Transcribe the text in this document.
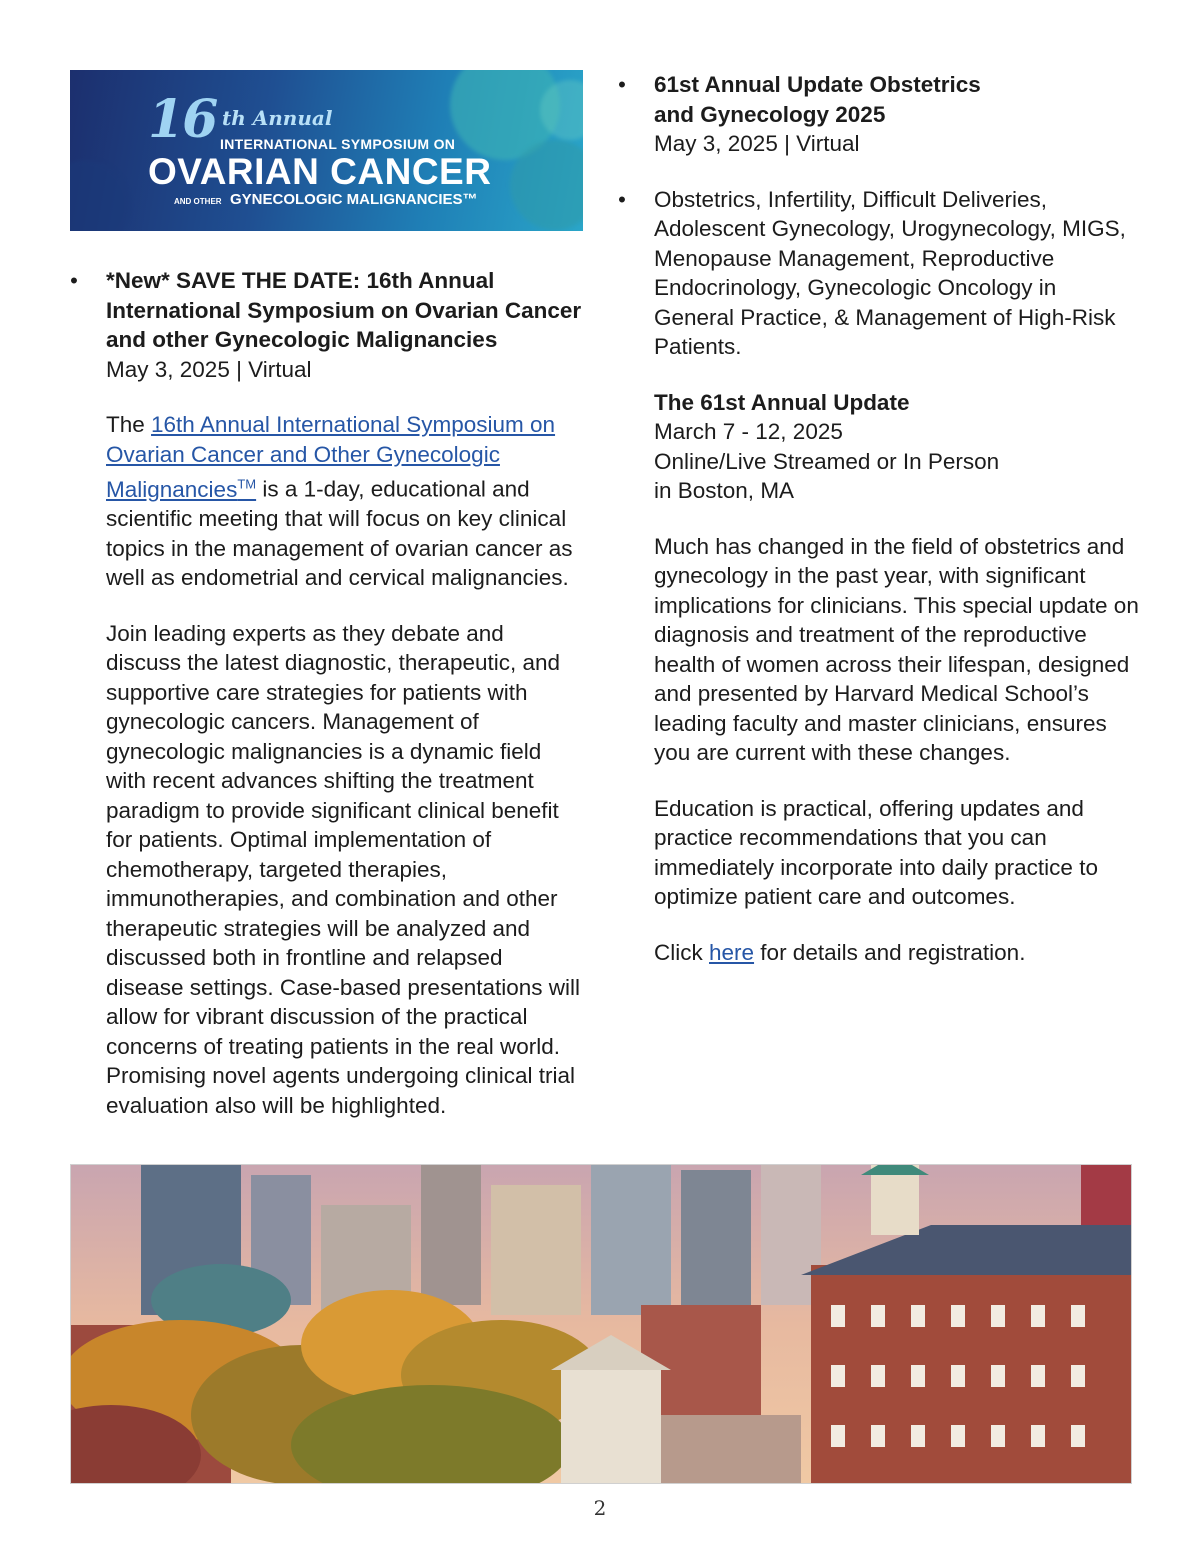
16 th Annual
INTERNATIONAL SYMPOSIUM ON
OVARIAN CANCER
AND OTHER GYNECOLOGIC MALIGNANCIES™
• *New* SAVE THE DATE: 16th Annual International Symposium on Ovarian Cancer and other Gynecologic Malignancies
May 3, 2025 | Virtual

The 16th Annual International Symposium on Ovarian Cancer and Other Gynecologic Malignancies™ is a 1-day, educational and scientific meeting that will focus on key clinical topics in the management of ovarian cancer as well as endometrial and cervical malignancies.

Join leading experts as they debate and discuss the latest diagnostic, therapeutic, and supportive care strategies for patients with gynecologic cancers. Management of gynecologic malignancies is a dynamic field with recent advances shifting the treatment paradigm to provide significant clinical benefit for patients. Optimal implementation of chemotherapy, targeted therapies, immunotherapies, and combination and other therapeutic strategies will be analyzed and discussed both in frontline and relapsed disease settings. Case-based presentations will allow for vibrant discussion of the practical concerns of treating patients in the real world. Promising novel agents undergoing clinical trial evaluation also will be highlighted.

• 61st Annual Update Obstetrics
and Gynecology 2025
May 3, 2025 | Virtual
• Obstetrics, Infertility, Difficult Deliveries, Adolescent Gynecology, Urogynecology, MIGS, Menopause Management, Reproductive Endocrinology, Gynecologic Oncology in General Practice, & Management of High-Risk Patients.

The 61st Annual Update
March 7 - 12, 2025
Online/Live Streamed or In Person
in Boston, MA

Much has changed in the field of obstetrics and gynecology in the past year, with significant implications for clinicians. This special update on diagnosis and treatment of the reproductive health of women across their lifespan, designed and presented by Harvard Medical School’s leading faculty and master clinicians, ensures you are current with these changes.

Education is practical, offering updates and practice recommendations that you can immediately incorporate into daily practice to optimize patient care and outcomes.

Click here for details and registration.

2
